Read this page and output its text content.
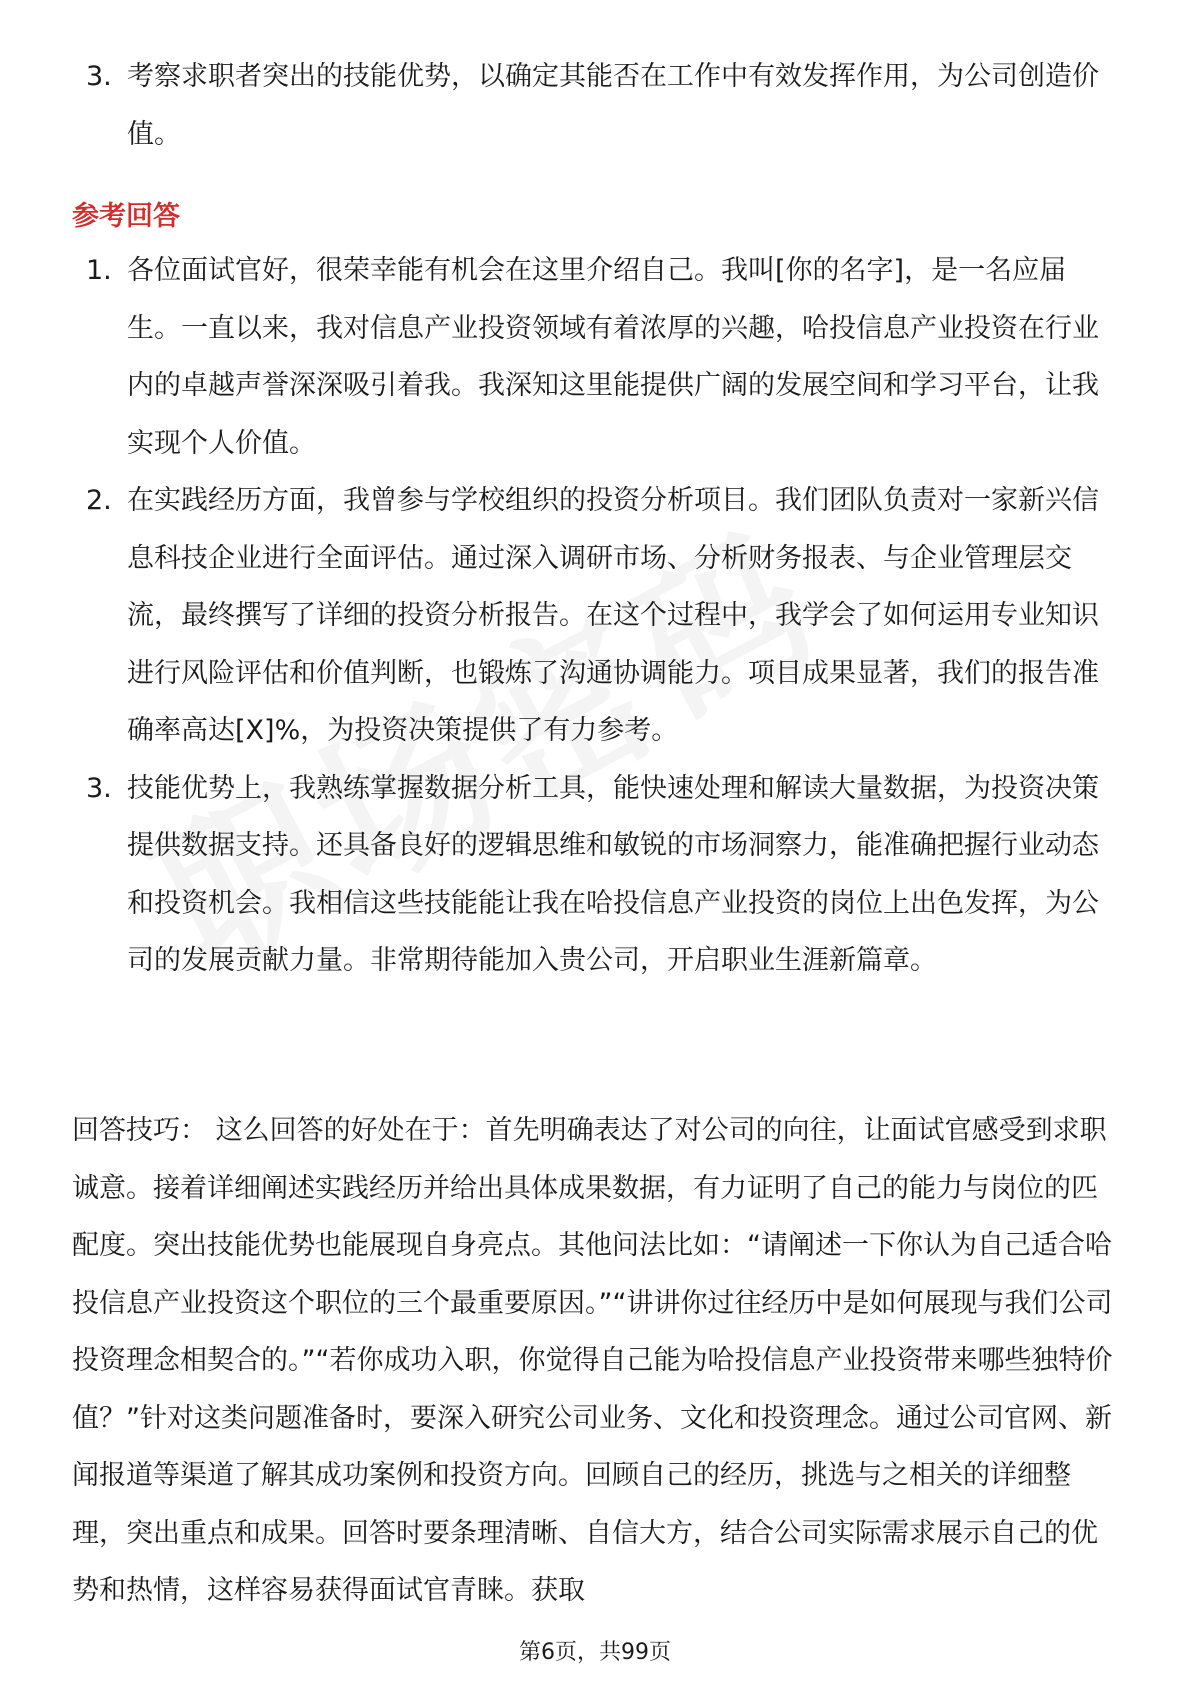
3. 考察求职者突出的技能优势，以确定其能否在工作中有效发挥作用，为公司创造价值。
参考回答
1. 各位面试官好，很荣幸能有机会在这里介绍自己。我叫[你的名字]，是一名应届生。一直以来，我对信息产业投资领域有着浓厚的兴趣，哈投信息产业投资在行业内的卓越声誉深深吸引着我。我深知这里能提供广阔的发展空间和学习平台，让我实现个人价值。
2. 在实践经历方面，我曾参与学校组织的投资分析项目。我们团队负责对一家新兴信息科技企业进行全面评估。通过深入调研市场、分析财务报表、与企业管理层交流，最终撰写了详细的投资分析报告。在这个过程中，我学会了如何运用专业知识进行风险评估和价值判断，也锻炼了沟通协调能力。项目成果显著，我们的报告准确率高达[X]%，为投资决策提供了有力参考。
3. 技能优势上，我熟练掌握数据分析工具，能快速处理和解读大量数据，为投资决策提供数据支持。还具备良好的逻辑思维和敏锐的市场洞察力，能准确把握行业动态和投资机会。我相信这些技能能让我在哈投信息产业投资的岗位上出色发挥，为公司的发展贡献力量。非常期待能加入贵公司，开启职业生涯新篇章。

回答技巧： 这么回答的好处在于：首先明确表达了对公司的向往，让面试官感受到求职诚意。接着详细阐述实践经历并给出具体成果数据，有力证明了自己的能力与岗位的匹配度。突出技能优势也能展现自身亮点。其他问法比如：“请阐述一下你认为自己适合哈投信息产业投资这个职位的三个最重要原因。”“讲讲你过往经历中是如何展现与我们公司投资理念相契合的。”“若你成功入职，你觉得自己能为哈投信息产业投资带来哪些独特价值？”针对这类问题准备时，要深入研究公司业务、文化和投资理念。通过公司官网、新闻报道等渠道了解其成功案例和投资方向。回顾自己的经历，挑选与之相关的详细整理，突出重点和成果。回答时要条理清晰、自信大方，结合公司实际需求展示自己的优势和热情，这样容易获得面试官青睐。获取

第6页，共99页
